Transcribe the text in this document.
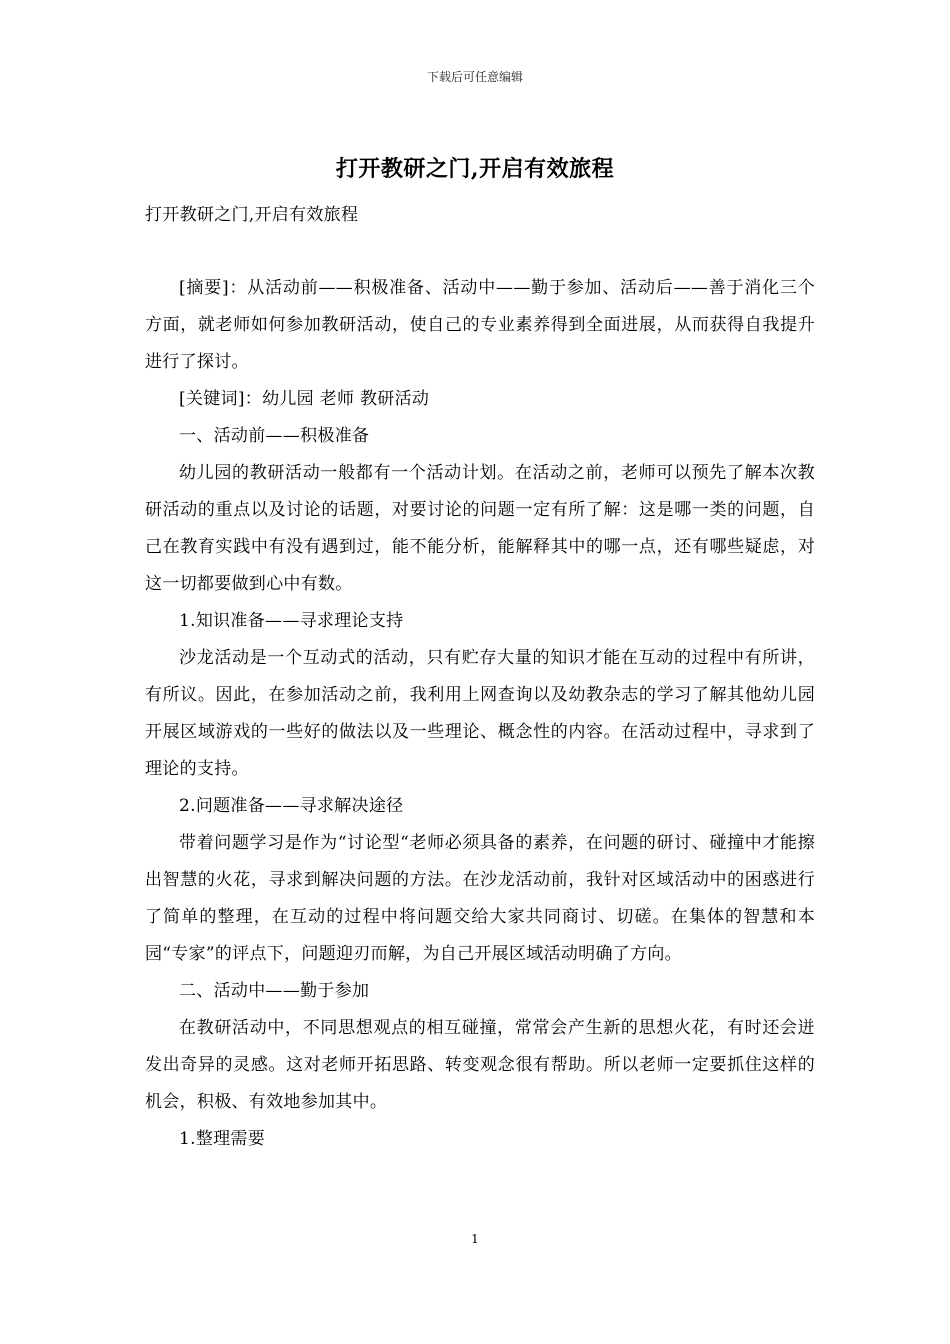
下载后可任意编辑
打开教研之门,开启有效旅程
打开教研之门,开启有效旅程

[摘要]：从活动前——积极准备、活动中——勤于参加、活动后——善于消化三个方面，就老师如何参加教研活动，使自己的专业素养得到全面进展，从而获得自我提升进行了探讨。

[关键词]：幼儿园 老师 教研活动

一、活动前——积极准备

幼儿园的教研活动一般都有一个活动计划。在活动之前，老师可以预先了解本次教研活动的重点以及讨论的话题，对要讨论的问题一定有所了解：这是哪一类的问题，自己在教育实践中有没有遇到过，能不能分析，能解释其中的哪一点，还有哪些疑虑，对这一切都要做到心中有数。

1.知识准备——寻求理论支持

沙龙活动是一个互动式的活动，只有贮存大量的知识才能在互动的过程中有所讲，有所议。因此，在参加活动之前，我利用上网查询以及幼教杂志的学习了解其他幼儿园开展区域游戏的一些好的做法以及一些理论、概念性的内容。在活动过程中，寻求到了理论的支持。

2.问题准备——寻求解决途径

带着问题学习是作为“讨论型“老师必须具备的素养，在问题的研讨、碰撞中才能擦出智慧的火花，寻求到解决问题的方法。在沙龙活动前，我针对区域活动中的困惑进行了简单的整理，在互动的过程中将问题交给大家共同商讨、切磋。在集体的智慧和本园“专家”的评点下，问题迎刃而解，为自己开展区域活动明确了方向。

二、活动中——勤于参加

在教研活动中，不同思想观点的相互碰撞，常常会产生新的思想火花，有时还会迸发出奇异的灵感。这对老师开拓思路、转变观念很有帮助。所以老师一定要抓住这样的机会，积极、有效地参加其中。

1.整理需要

1
